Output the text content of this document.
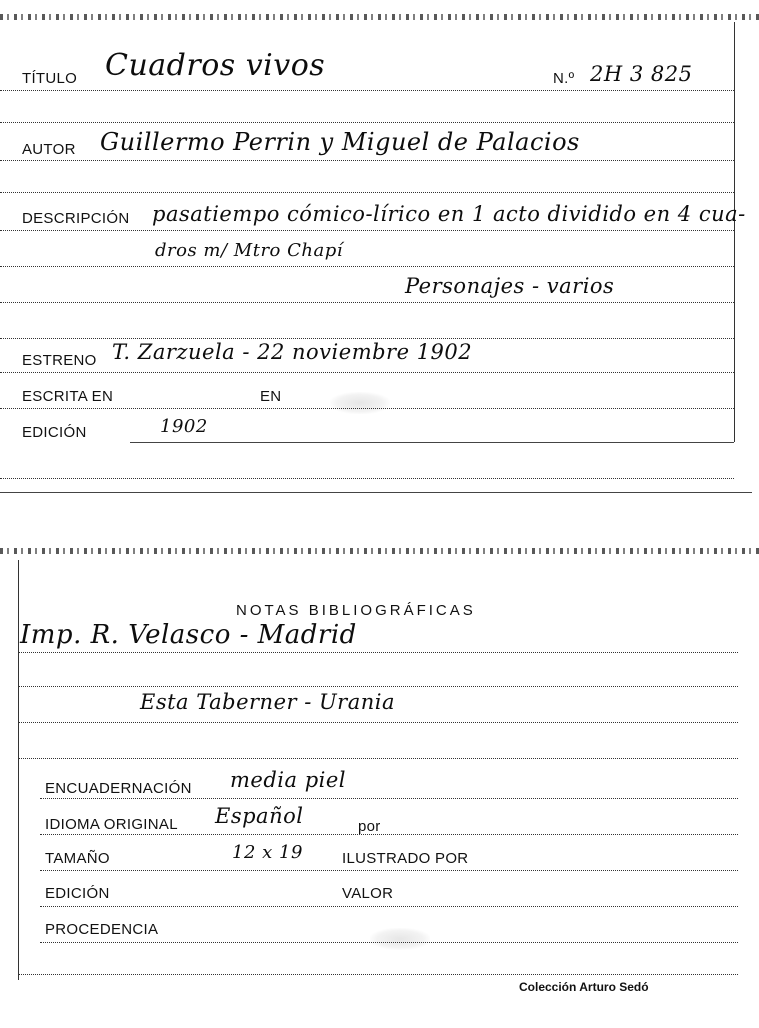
TÍTULO Cuadros vivos	N.º 2H 3 825
AUTOR Guillermo Perrin y Miguel de Palacios
DESCRIPCIÓN pasatiempo cómico-lírico en 1 acto dividido en 4 cua-
dros m/ Mtro Chapí
Personajes - varios
ESTRENO T. Zarzuela - 22 noviembre 1902
ESCRITA EN	EN
EDICIÓN	1902
NOTAS BIBLIOGRÁFICAS
Imp. R. Velasco - Madrid
Esta Taberner - Urania
ENCUADERNACIÓN media piel
IDIOMA ORIGINAL Español	por
TAMAÑO	12 x 19	ILUSTRADO POR
EDICIÓN	VALOR
PROCEDENCIA
Colección Arturo Sedó
